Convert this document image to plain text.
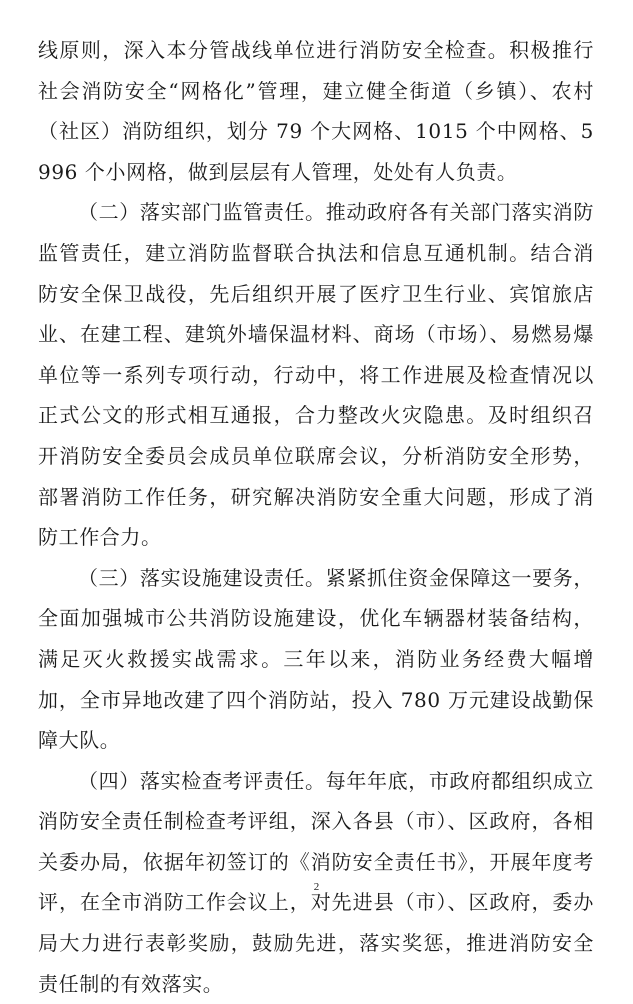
线原则，深入本分管战线单位进行消防安全检查。积极推行社会消防安全“网格化”管理，建立健全街道（乡镇）、农村（社区）消防组织，划分 79 个大网格、1015 个中网格、5996 个小网格，做到层层有人管理，处处有人负责。

（二）落实部门监管责任。推动政府各有关部门落实消防监管责任，建立消防监督联合执法和信息互通机制。结合消防安全保卫战役，先后组织开展了医疗卫生行业、宾馆旅店业、在建工程、建筑外墙保温材料、商场（市场）、易燃易爆单位等一系列专项行动，行动中，将工作进展及检查情况以正式公文的形式相互通报，合力整改火灾隐患。及时组织召开消防安全委员会成员单位联席会议，分析消防安全形势，部署消防工作任务，研究解决消防安全重大问题，形成了消防工作合力。

（三）落实设施建设责任。紧紧抓住资金保障这一要务，全面加强城市公共消防设施建设，优化车辆器材装备结构，满足灭火救援实战需求。三年以来，消防业务经费大幅增加，全市异地改建了四个消防站，投入 780 万元建设战勤保障大队。

（四）落实检查考评责任。每年年底，市政府都组织成立消防安全责任制检查考评组，深入各县（市）、区政府，各相关委办局，依据年初签订的《消防安全责任书》，开展年度考评，在全市消防工作会议上，对先进县（市）、区政府，委办局大力进行表彰奖励，鼓励先进，落实奖惩，推进消防安全责任制的有效落实。

2
